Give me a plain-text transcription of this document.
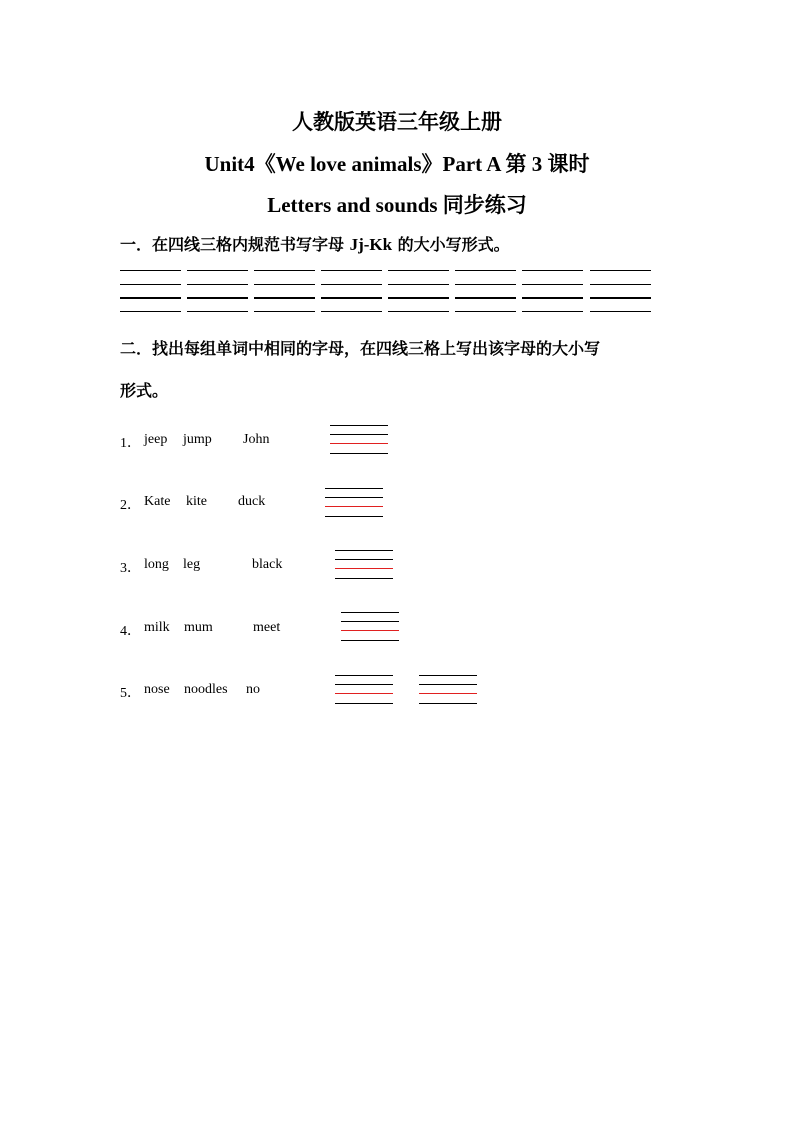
人教版英语三年级上册
Unit4《We love animals》Part A 第 3 课时
Letters and sounds 同步练习
一．在四线三格内规范书写字母 Jj-Kk 的大小写形式。
二．找出每组单词中相同的字母，在四线三格上写出该字母的大小写
形式。
1． jeep jump John
2． Kate kite duck
3． long leg	black
4． milk mum	meet
5． nose noodles no
